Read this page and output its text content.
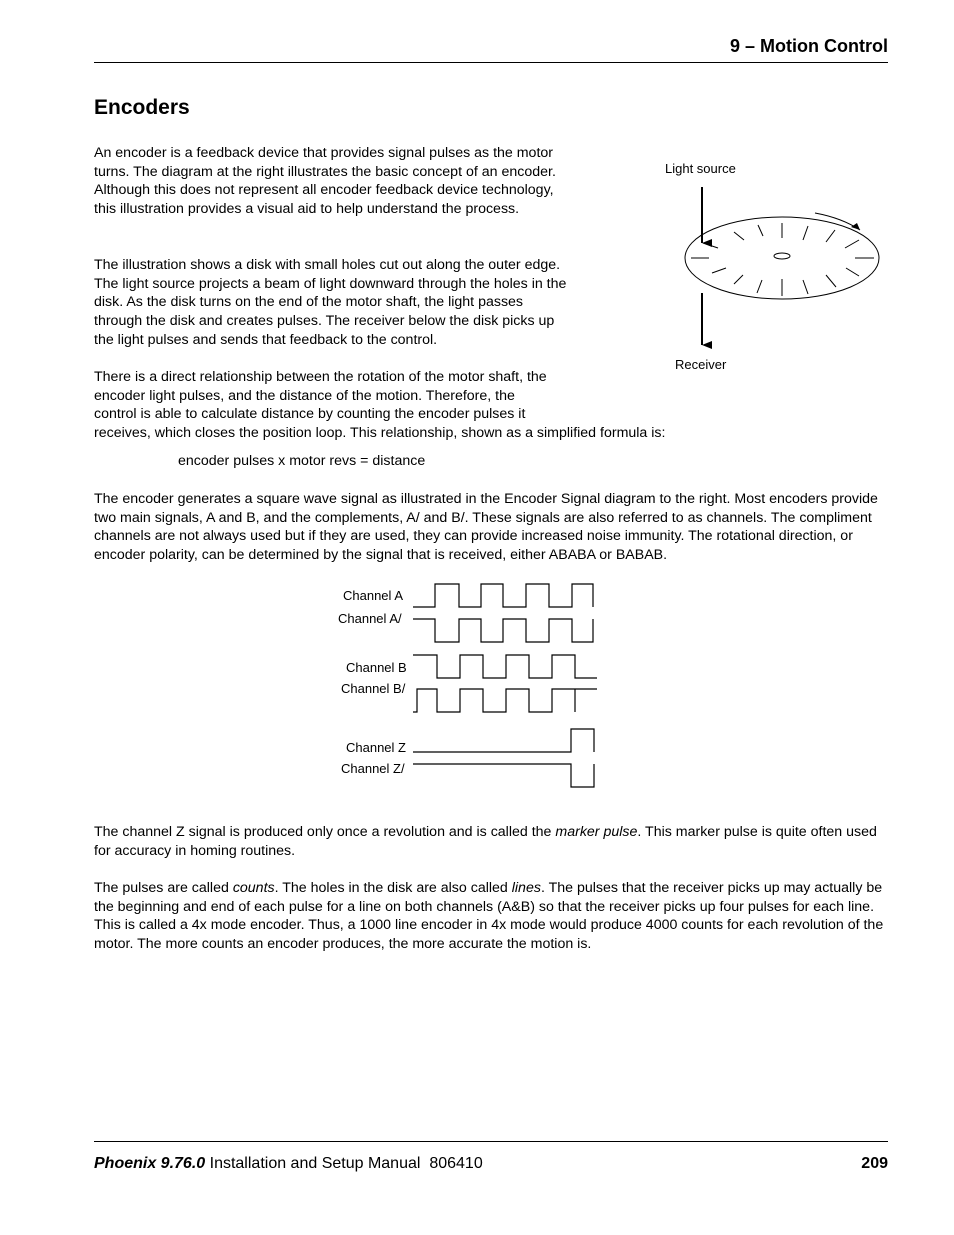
9 – Motion Control
Encoders

An encoder is a feedback device that provides signal pulses as the motor turns. The diagram at the right illustrates the basic concept of an encoder. Although this does not represent all encoder feedback device technology, this illustration provides a visual aid to help understand the process.

The illustration shows a disk with small holes cut out along the outer edge. The light source projects a beam of light downward through the holes in the disk. As the disk turns on the end of the motor shaft, the light passes through the disk and creates pulses. The receiver below the disk picks up the light pulses and sends that feedback to the control.

There is a direct relationship between the rotation of the motor shaft, the
encoder light pulses, and the distance of the motion. Therefore, the
control is able to calculate distance by counting the encoder pulses it
receives, which closes the position loop. This relationship, shown as a simplified formula is:
encoder pulses x motor revs = distance

The encoder generates a square wave signal as illustrated in the Encoder Signal diagram to the right. Most encoders provide two main signals, A and B, and the complements, A/ and B/. These signals are also referred to as channels. The compliment channels are not always used but if they are used, they can provide increased noise immunity. The rotational direction, or encoder polarity, can be determined by the signal that is received, either ABABA or BABAB.

Light source
Receiver
Channel A
Channel A/
Channel B
Channel B/
Channel Z
Channel Z/

The channel Z signal is produced only once a revolution and is called the marker pulse. This marker pulse is quite often used for accuracy in homing routines.

The pulses are called counts. The holes in the disk are also called lines. The pulses that the receiver picks up may actually be the beginning and end of each pulse for a line on both channels (A&B) so that the receiver picks up four pulses for each line. This is called a 4x mode encoder. Thus, a 1000 line encoder in 4x mode would produce 4000 counts for each revolution of the motor. The more counts an encoder produces, the more accurate the motion is.

Phoenix 9.76.0 Installation and Setup Manual  806410	209
